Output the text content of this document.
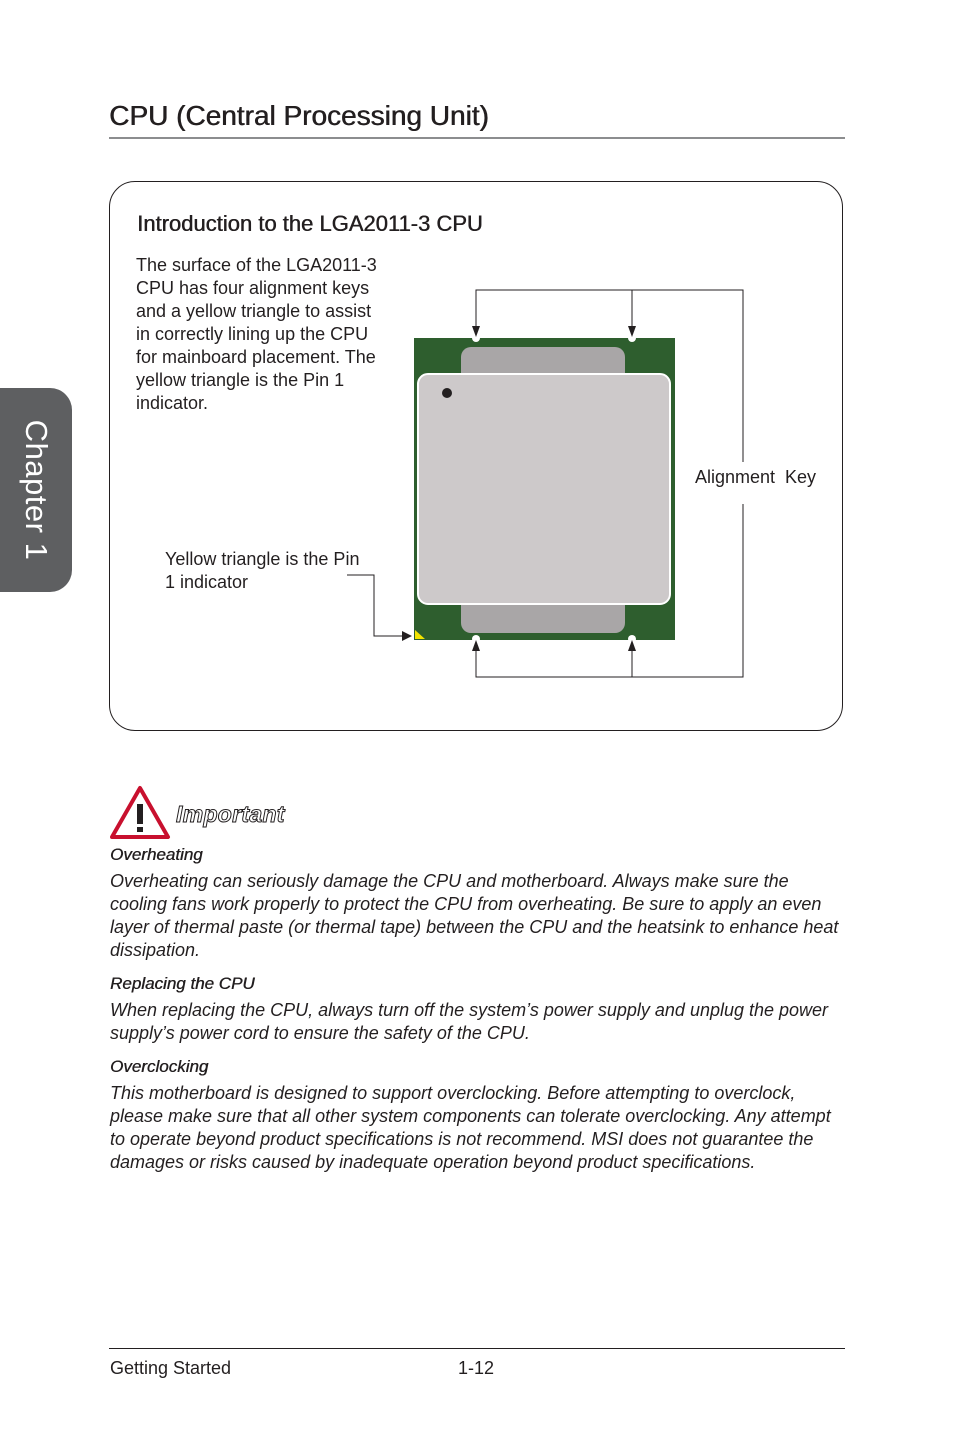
Chapter 1
CPU (Central Processing Unit)
Introduction to the LGA2011-3 CPU
The surface of the LGA2011-3 CPU has four alignment keys and a yellow triangle to assist in correctly lining up the CPU for mainboard placement. The yellow triangle is the Pin 1 indicator.
Yellow triangle is the Pin 1 indicator
Alignment  Key
Important
Overheating

Overheating can seriously damage the CPU and motherboard. Always make sure the cooling fans work properly to protect the CPU from overheating. Be sure to apply an even layer of thermal paste (or thermal tape) between the CPU and the heatsink to enhance heat dissipation.

Replacing the CPU

When replacing the CPU, always turn off the system’s power supply and unplug the power supply’s power cord to ensure the safety of the CPU.

Overclocking

This motherboard is designed to support overclocking. Before attempting to overclock, please make sure that all other system components can tolerate overclocking. Any attempt to operate beyond product specifications is not recommend. MSI does not guarantee the damages or risks caused by inadequate operation beyond product specifications.

Getting Started	1-12
